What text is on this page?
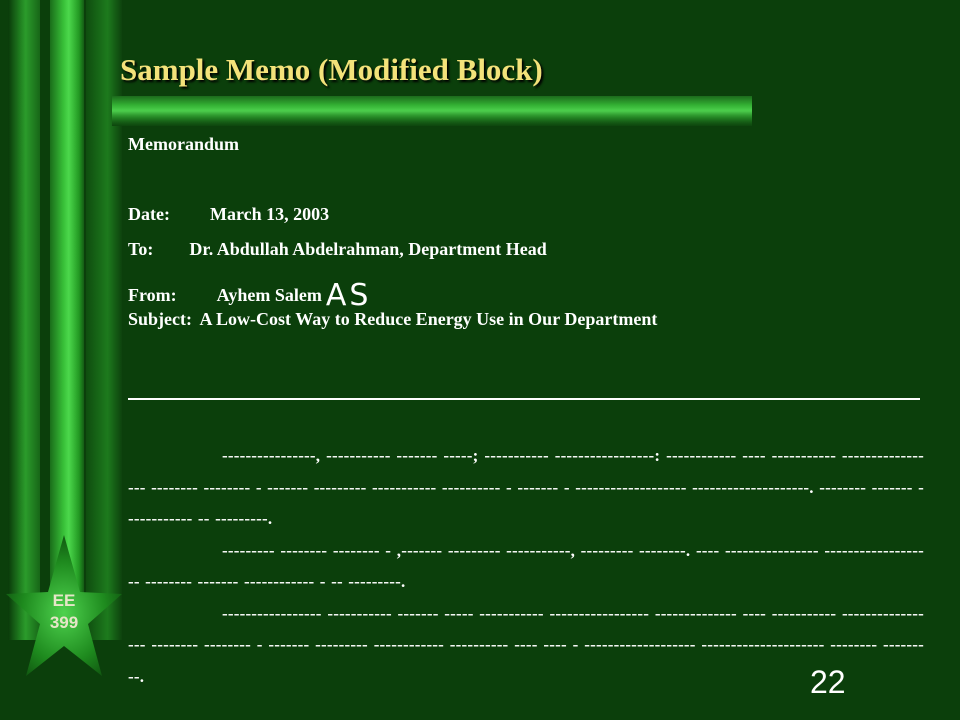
Sample Memo (Modified Block)
Memorandum
Date: March 13, 2003
To: Dr. Abdullah Abdelrahman, Department Head
From: Ayhem Salem AS
Subject: A Low-Cost Way to Reduce Energy Use in Our Department

----------------, ----------- ------- -----; ----------- -----------------: ------------ ---- ----------- ----------------- -------- -------- - ------- --------- ----------- ---------- - ------- - ------------------- --------------------. -------- ------- ------------ -- ---------.

--------- -------- -------- - ,------- --------- -----------, --------- --------. ---- ---------------- ------------------- -------- ------- ------------ - -- ---------.

----------------- ----------- ------- ----- ----------- ----------------- -------------- ---- ----------- ----------------- -------- -------- - ------- --------- ------------ ---------- ---- ---- - ------------------- --------------------- -------- ---------.

EE
399
22
